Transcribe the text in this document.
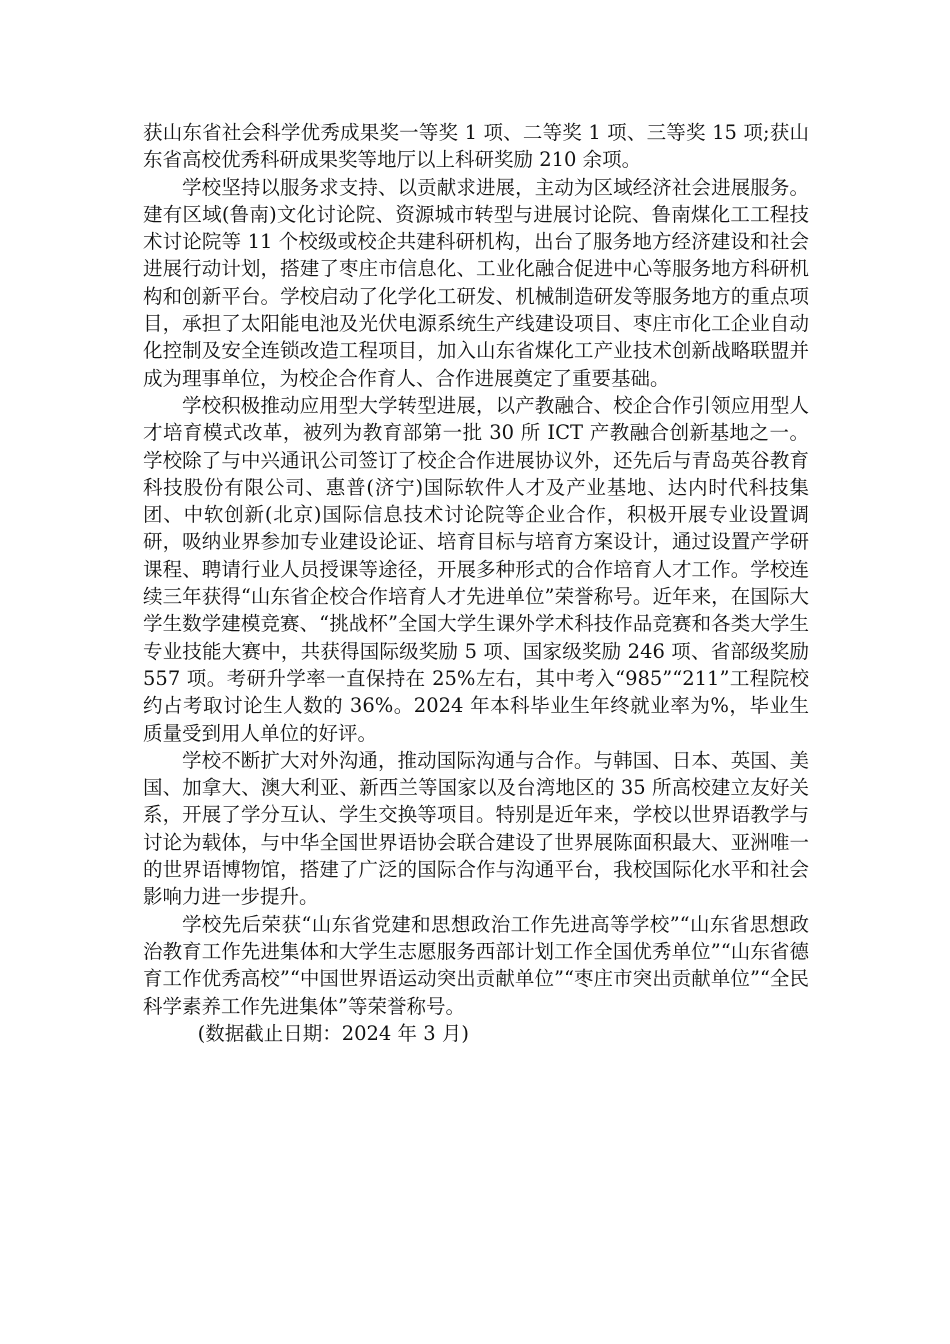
获山东省社会科学优秀成果奖一等奖 1 项、二等奖 1 项、三等奖 15 项;获山东省高校优秀科研成果奖等地厅以上科研奖励 210 余项。

学校坚持以服务求支持、以贡献求进展，主动为区域经济社会进展服务。建有区域(鲁南)文化讨论院、资源城市转型与进展讨论院、鲁南煤化工工程技术讨论院等 11 个校级或校企共建科研机构，出台了服务地方经济建设和社会进展行动计划，搭建了枣庄市信息化、工业化融合促进中心等服务地方科研机构和创新平台。学校启动了化学化工研发、机械制造研发等服务地方的重点项目，承担了太阳能电池及光伏电源系统生产线建设项目、枣庄市化工企业自动化控制及安全连锁改造工程项目，加入山东省煤化工产业技术创新战略联盟并成为理事单位，为校企合作育人、合作进展奠定了重要基础。

学校积极推动应用型大学转型进展，以产教融合、校企合作引领应用型人才培育模式改革，被列为教育部第一批 30 所 ICT 产教融合创新基地之一。学校除了与中兴通讯公司签订了校企合作进展协议外，还先后与青岛英谷教育科技股份有限公司、惠普(济宁)国际软件人才及产业基地、达内时代科技集团、中软创新(北京)国际信息技术讨论院等企业合作，积极开展专业设置调研，吸纳业界参加专业建设论证、培育目标与培育方案设计，通过设置产学研课程、聘请行业人员授课等途径，开展多种形式的合作培育人才工作。学校连续三年获得“山东省企校合作培育人才先进单位”荣誉称号。近年来，在国际大学生数学建模竞赛、“挑战杯”全国大学生课外学术科技作品竞赛和各类大学生专业技能大赛中，共获得国际级奖励 5 项、国家级奖励 246 项、省部级奖励 557 项。考研升学率一直保持在 25%左右，其中考入“985”“211”工程院校约占考取讨论生人数的 36%。2024 年本科毕业生年终就业率为%，毕业生质量受到用人单位的好评。

学校不断扩大对外沟通，推动国际沟通与合作。与韩国、日本、英国、美国、加拿大、澳大利亚、新西兰等国家以及台湾地区的 35 所高校建立友好关系，开展了学分互认、学生交换等项目。特别是近年来，学校以世界语教学与讨论为载体，与中华全国世界语协会联合建设了世界展陈面积最大、亚洲唯一的世界语博物馆，搭建了广泛的国际合作与沟通平台，我校国际化水平和社会影响力进一步提升。

学校先后荣获“山东省党建和思想政治工作先进高等学校”“山东省思想政治教育工作先进集体和大学生志愿服务西部计划工作全国优秀单位”“山东省德育工作优秀高校”“中国世界语运动突出贡献单位”“枣庄市突出贡献单位”“全民科学素养工作先进集体”等荣誉称号。

(数据截止日期：2024 年 3 月)
